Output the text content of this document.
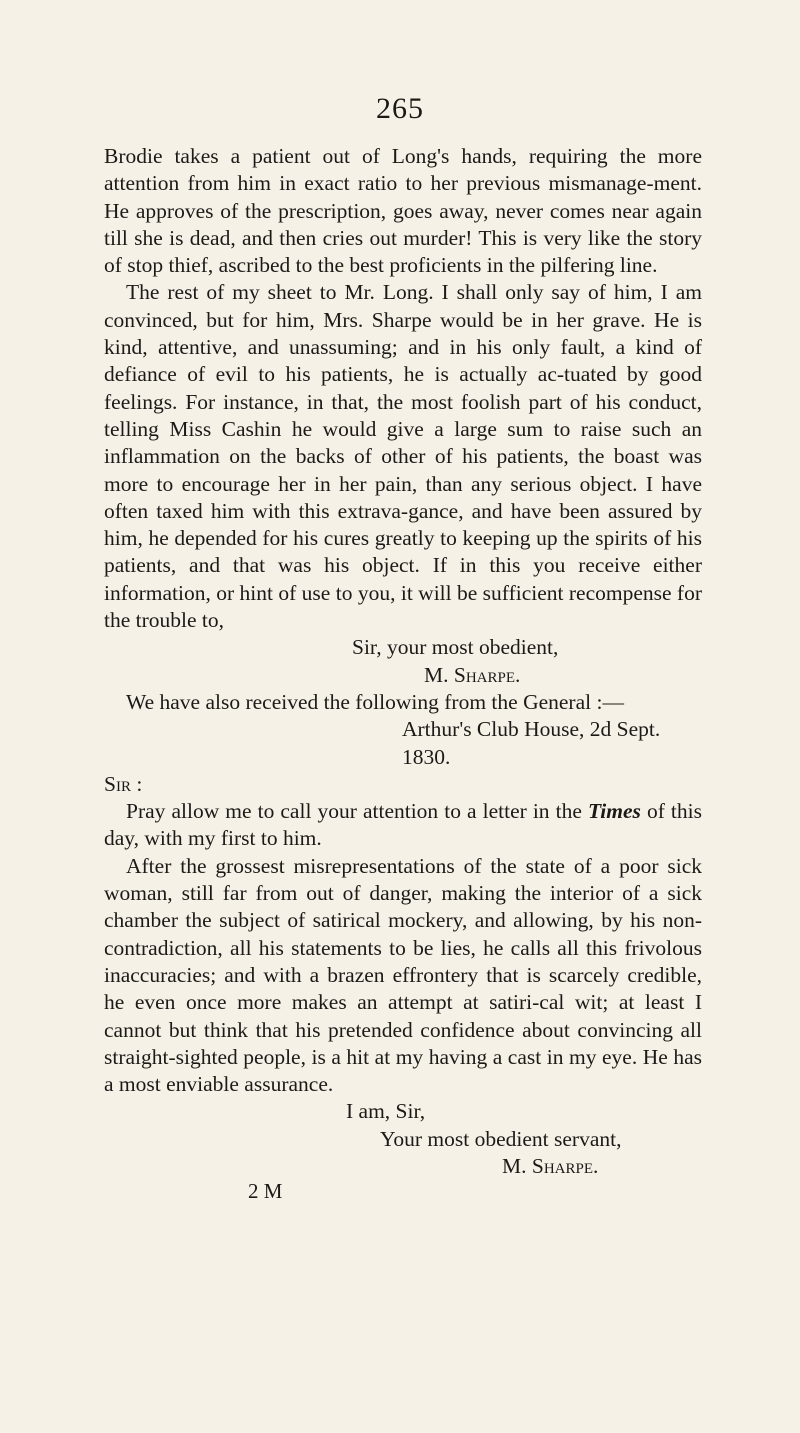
265

Brodie takes a patient out of Long's hands, requiring the more attention from him in exact ratio to her previous mismanage-ment. He approves of the prescription, goes away, never comes near again till she is dead, and then cries out murder! This is very like the story of stop thief, ascribed to the best proficients in the pilfering line.

The rest of my sheet to Mr. Long. I shall only say of him, I am convinced, but for him, Mrs. Sharpe would be in her grave. He is kind, attentive, and unassuming; and in his only fault, a kind of defiance of evil to his patients, he is actually ac-tuated by good feelings. For instance, in that, the most foolish part of his conduct, telling Miss Cashin he would give a large sum to raise such an inflammation on the backs of other of his patients, the boast was more to encourage her in her pain, than any serious object. I have often taxed him with this extrava-gance, and have been assured by him, he depended for his cures greatly to keeping up the spirits of his patients, and that was his object. If in this you receive either information, or hint of use to you, it will be sufficient recompense for the trouble to,

Sir, your most obedient,
M. Sharpe.

We have also received the following from the General :—

Arthur's Club House, 2d Sept. 1830.
Sir :

Pray allow me to call your attention to a letter in the Times of this day, with my first to him.

After the grossest misrepresentations of the state of a poor sick woman, still far from out of danger, making the interior of a sick chamber the subject of satirical mockery, and allowing, by his non-contradiction, all his statements to be lies, he calls all this frivolous inaccuracies; and with a brazen effrontery that is scarcely credible, he even once more makes an attempt at satiri-cal wit; at least I cannot but think that his pretended confidence about convincing all straight-sighted people, is a hit at my having a cast in my eye. He has a most enviable assurance.

I am, Sir,
Your most obedient servant,
M. Sharpe.
2 M
